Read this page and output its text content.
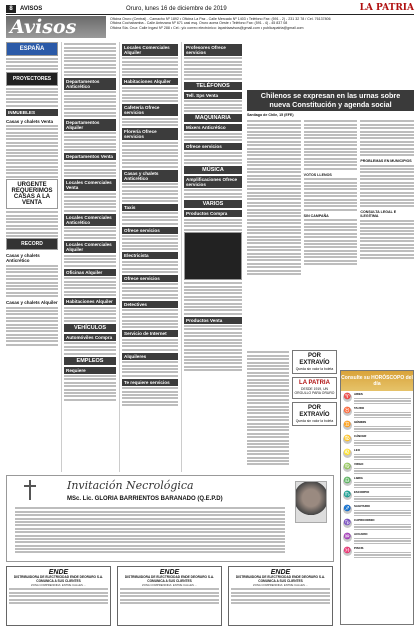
8	AVISOS	Oruro, lunes 16 de diciembre de 2019	LA PATRIA
Avisos	Oficina Oruro (Central) - Camacho Nº 1892 • Oficina La Paz - Calle Mercado Nº 1403 • Teléfono Fax: (591 - 2) - 231 32 78 / Cel. 76137806
Oficina Cochabamba - Calle Antezana Nº 671 casi esq. Oruro acera Oeste • Teléfono Fax: (591 - 4) - 45 837 08
Oficina Sta. Cruz: Calle Ingavi Nº 288 • Cel.: y/o correo electrónico: lapatriaavisos@gmail.com • publicapatria@gmail.com
ESPAÑA
PROYECTORES
INMUEBLES
Casas y chalets Venta
URGENTE REQUERIMOS CASAS A LA VENTA
RECORD
Casas y chalets Anticrético
Casas y chalets Alquiler
Departamentos Anticrético
Departamentos Alquiler
Departamentos Venta
Locales Comerciales Venta
Locales Comerciales Anticrético
Locales Comerciales Alquiler
Oficinas Alquiler
Habitaciones Alquiler
VEHÍCULOS
Automóviles Compra
EMPLEOS
Requiere
Locales Comerciales Alquiler
Habitaciones Alquiler
Cafetería Ofrece servicios
Florería Ofrece servicios
Casas y chalets Anticrético
Taxis
Ofrece servicios
Electricista
Ofrece servicios
Detectives
Servicio de Internet
Alquileres
Te requiere servicios
Profesores Ofrece servicios
TELÉFONOS
Tell. Sps Venta
MAQUINARIA
Mixers Anticrético
Ofrece servicios
MÚSICA
Amplificaciones Ofrece servicios
VARIOS
Productos Compra
Productos Venta
Chilenos se expresan en las urnas sobre nueva Constitución y agenda social
Santiago de Chile, 15 (EFE)
VOTOS LLENOS
SIN CAMPAÑA
PROBLEMAS EN MUNICIPIOS
CONSULTA LEGAL E ILEGÍTIMA
POR EXTRAVÍO
Queda sin valor la boleta
LA PATRIA
DESDE 1919, UN ORGULLO PARA ORURO
POR EXTRAVÍO
Queda sin valor la boleta
Consulte su HORÓSCOPO del día
♈ ARIES
♉ TAURO
♊ GÉMINIS
♋ CÁNCER
♌ LEO
♍ VIRGO
♎ LIBRA
♏ ESCORPIO
♐ SAGITARIO
♑ CAPRICORNIO
♒ ACUARIO
♓ PISCIS
Invitación Necrológica
MSc. Lic. GLORIA BARRIENTOS BARANADO (Q.E.P.D)
ENDE
DISTRIBUIDORA DE ELECTRICIDAD ENDE DEORURO S.A. COMUNICA A SUS CLIENTES
ZONA COMPRENDIDA: ENTRE CALLES ...
ENDE
DISTRIBUIDORA DE ELECTRICIDAD ENDE DEORURO S.A. COMUNICA A SUS CLIENTES
ZONA COMPRENDIDA: ENTRE CALLES ...
ENDE
DISTRIBUIDORA DE ELECTRICIDAD ENDE DEORURO S.A. COMUNICA A SUS CLIENTES
ZONA COMPRENDIDA: ENTRE CALLES ...
